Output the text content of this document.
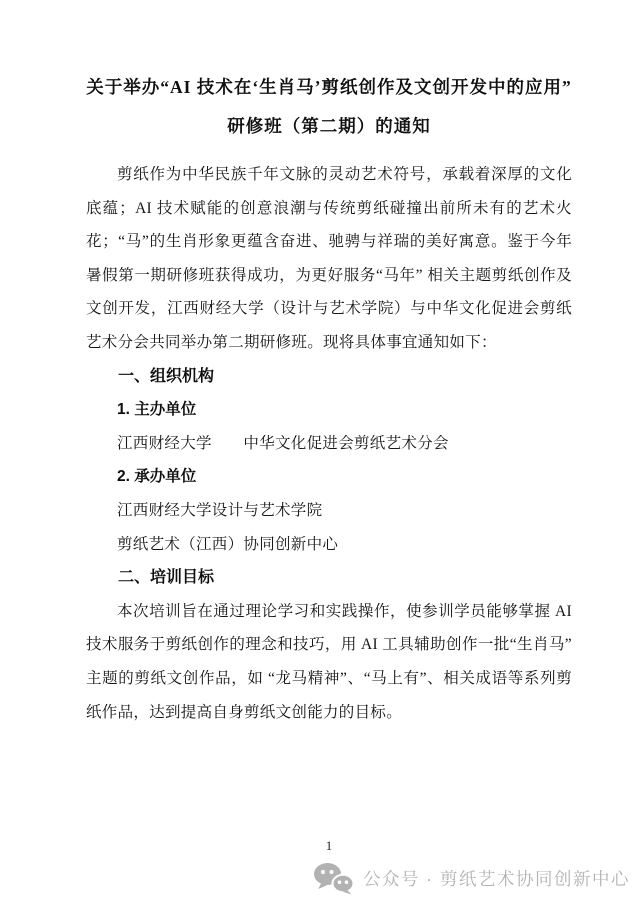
关于举办“AI 技术在‘生肖马’剪纸创作及文创开发中的应用”
研修班（第二期）的通知

剪纸作为中华民族千年文脉的灵动艺术符号，承载着深厚的文化底蕴；AI 技术赋能的创意浪潮与传统剪纸碰撞出前所未有的艺术火花；“马”的生肖形象更蕴含奋进、驰骋与祥瑞的美好寓意。鉴于今年暑假第一期研修班获得成功，为更好服务“马年” 相关主题剪纸创作及文创开发，江西财经大学（设计与艺术学院）与中华文化促进会剪纸艺术分会共同举办第二期研修班。现将具体事宜通知如下：

一、组织机构
1. 主办单位

江西财经大学　　中华文化促进会剪纸艺术分会

2. 承办单位

江西财经大学设计与艺术学院

剪纸艺术（江西）协同创新中心

二、培训目标

本次培训旨在通过理论学习和实践操作，使参训学员能够掌握 AI 技术服务于剪纸创作的理念和技巧，用 AI 工具辅助创作一批“生肖马”主题的剪纸文创作品，如 “龙马精神”、“马上有”、相关成语等系列剪纸作品，达到提高自身剪纸文创能力的目标。

1
公众号 · 剪纸艺术协同创新中心
